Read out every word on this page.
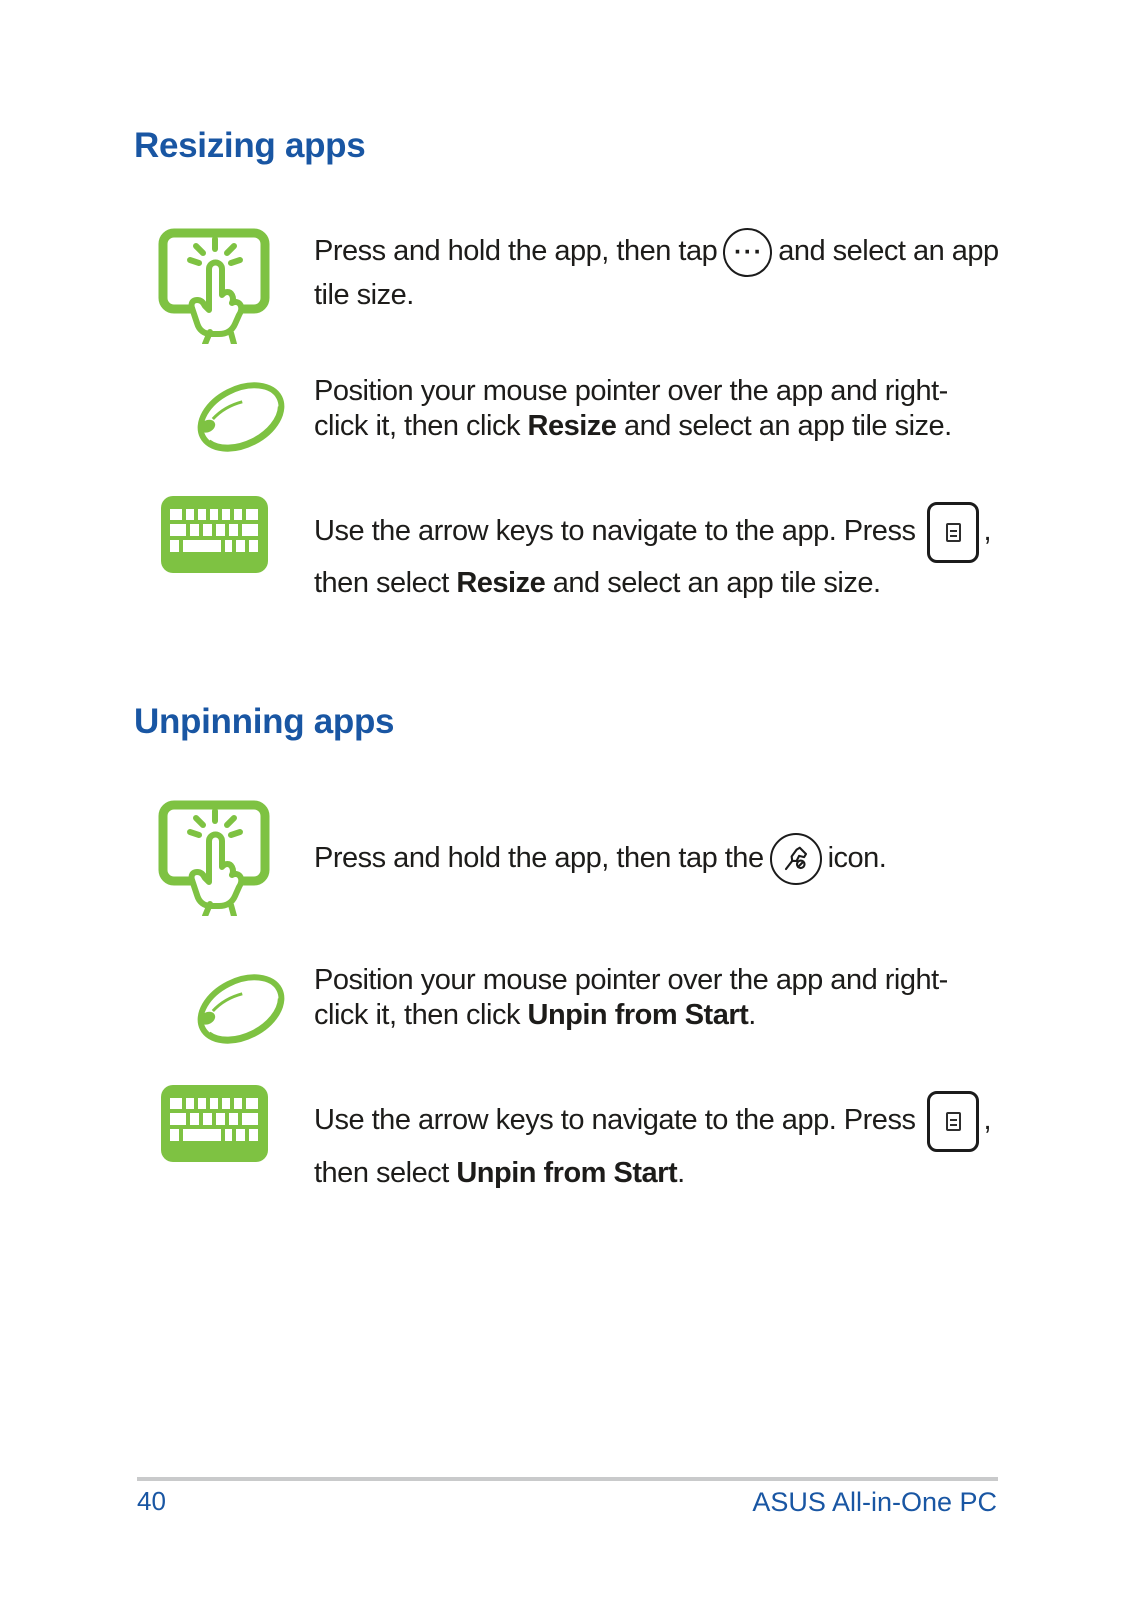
Resizing apps

Press and hold the app, then tap ··· and select an app
tile size.

Position your mouse pointer over the app and right-
click it, then click Resize and select an app tile size.

Use the arrow keys to navigate to the app. Press ,

then select Resize and select an app tile size.

Unpinning apps

Press and hold the app, then tap the icon.

Position your mouse pointer over the app and right-
click it, then click Unpin from Start.

Use the arrow keys to navigate to the app. Press ,

then select Unpin from Start.

40	ASUS All-in-One PC
